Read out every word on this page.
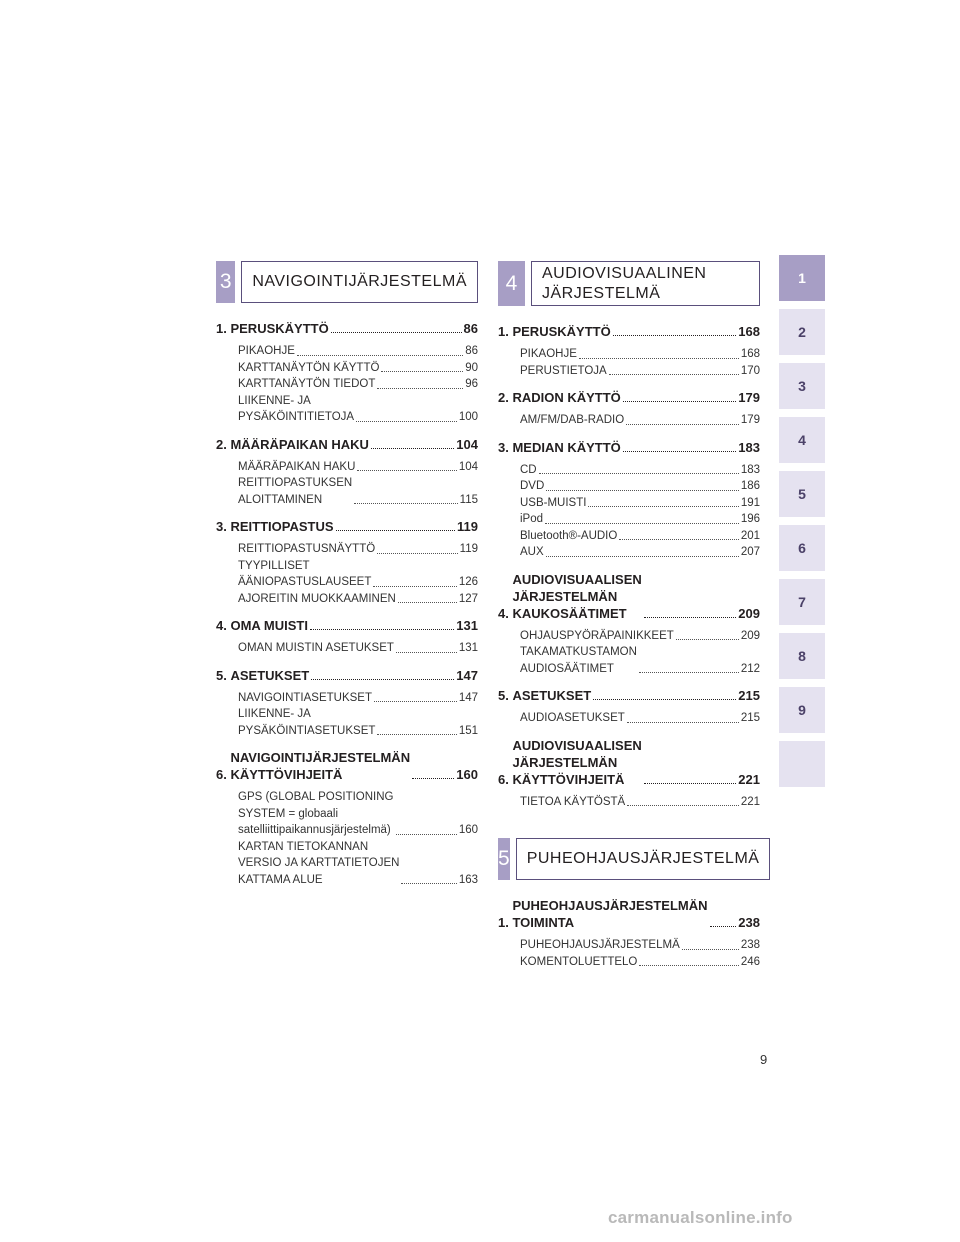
3	NAVIGOINTIJÄRJESTELMÄ
1. PERUSKÄYTTÖ	86
PIKAOHJE	86
KARTTANÄYTÖN KÄYTTÖ	90
KARTTANÄYTÖN TIEDOT	96
LIIKENNE- JA
PYSÄKÖINTITIETOJA	100
2. MÄÄRÄPAIKAN HAKU	104
MÄÄRÄPAIKAN HAKU	104
REITTIOPASTUKSEN
ALOITTAMINEN	115
3. REITTIOPASTUS	119
REITTIOPASTUSNÄYTTÖ	119
TYYPILLISET
ÄÄNIOPASTUSLAUSEET	126
AJOREITIN MUOKKAAMINEN	127
4. OMA MUISTI	131
OMAN MUISTIN ASETUKSET	131
5. ASETUKSET	147
NAVIGOINTIASETUKSET	147
LIIKENNE- JA
PYSÄKÖINTIASETUKSET	151
6.
NAVIGOINTIJÄRJESTELMÄN
KÄYTTÖVIHJEITÄ	160
GPS (GLOBAL POSITIONING
SYSTEM = globaali
satelliittipaikannusjärjestelmä)	160
KARTAN TIETOKANNAN
VERSIO JA KARTTATIETOJEN
KATTAMA ALUE	163
4	AUDIOVISUAALINEN
JÄRJESTELMÄ
1. PERUSKÄYTTÖ	168
PIKAOHJE	168
PERUSTIETOJA	170
2. RADION KÄYTTÖ	179
AM/FM/DAB-RADIO	179
3. MEDIAN KÄYTTÖ	183
CD	183
DVD	186
USB-MUISTI	191
iPod	196
Bluetooth®-AUDIO	201
AUX	207
4.
AUDIOVISUAALISEN
JÄRJESTELMÄN
KAUKOSÄÄTIMET	209
OHJAUSPYÖRÄPAINIKKEET	209
TAKAMATKUSTAMON
AUDIOSÄÄTIMET	212
5. ASETUKSET	215
AUDIOASETUKSET	215
6.
AUDIOVISUAALISEN
JÄRJESTELMÄN
KÄYTTÖVIHJEITÄ	221
TIETOA KÄYTÖSTÄ	221
5	PUHEOHJAUSJÄRJESTELMÄ
1.
PUHEOHJAUSJÄRJESTELMÄN
TOIMINTA	238
PUHEOHJAUSJÄRJESTELMÄ	238
KOMENTOLUETTELO	246
1
2
3
4
5
6
7
8
9
9
carmanualsonline.info
